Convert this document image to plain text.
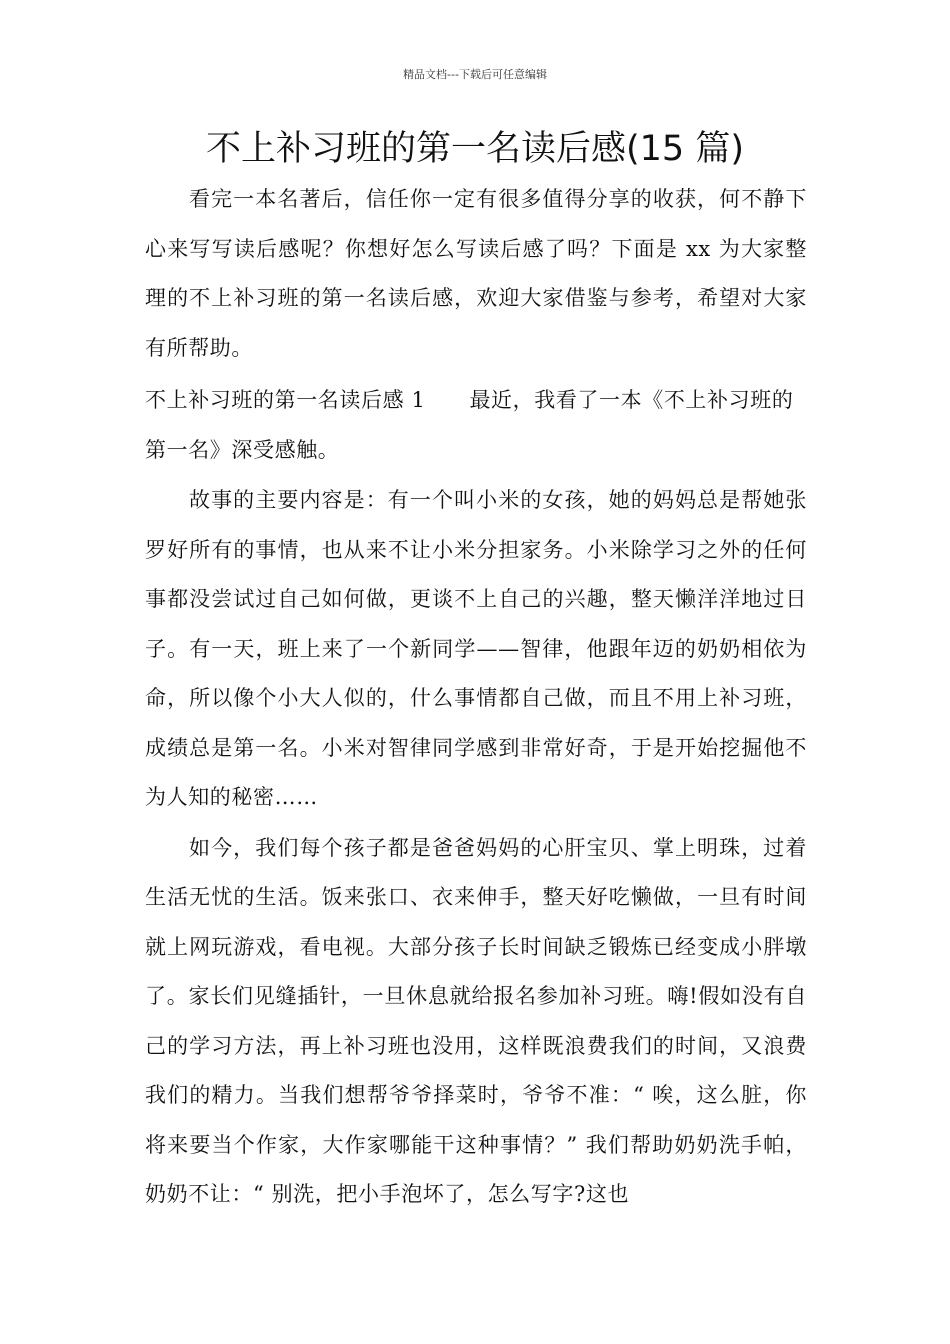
精品文档---下载后可任意编辑
不上补习班的第一名读后感(15 篇)

看完一本名著后，信任你一定有很多值得分享的收获，何不静下心来写写读后感呢？你想好怎么写读后感了吗？下面是 xx 为大家整理的不上补习班的第一名读后感，欢迎大家借鉴与参考，希望对大家有所帮助。

不上补习班的第一名读后感 1 最近，我看了一本《不上补习班的第一名》深受感触。

故事的主要内容是：有一个叫小米的女孩，她的妈妈总是帮她张罗好所有的事情，也从来不让小米分担家务。小米除学习之外的任何事都没尝试过自己如何做，更谈不上自己的兴趣，整天懒洋洋地过日子。有一天，班上来了一个新同学——智律，他跟年迈的奶奶相依为命，所以像个小大人似的，什么事情都自己做，而且不用上补习班，成绩总是第一名。小米对智律同学感到非常好奇，于是开始挖掘他不为人知的秘密……

如今，我们每个孩子都是爸爸妈妈的心肝宝贝、掌上明珠，过着生活无忧的生活。饭来张口、衣来伸手，整天好吃懒做，一旦有时间就上网玩游戏，看电视。大部分孩子长时间缺乏锻炼已经变成小胖墩了。家长们见缝插针，一旦休息就给报名参加补习班。嗨!假如没有自己的学习方法，再上补习班也没用，这样既浪费我们的时间，又浪费我们的精力。当我们想帮爷爷择菜时，爷爷不准：“ 唉，这么脏，你将来要当个作家，大作家哪能干这种事情？” 我们帮助奶奶洗手帕，奶奶不让：“ 别洗，把小手泡坏了，怎么写字?这也
